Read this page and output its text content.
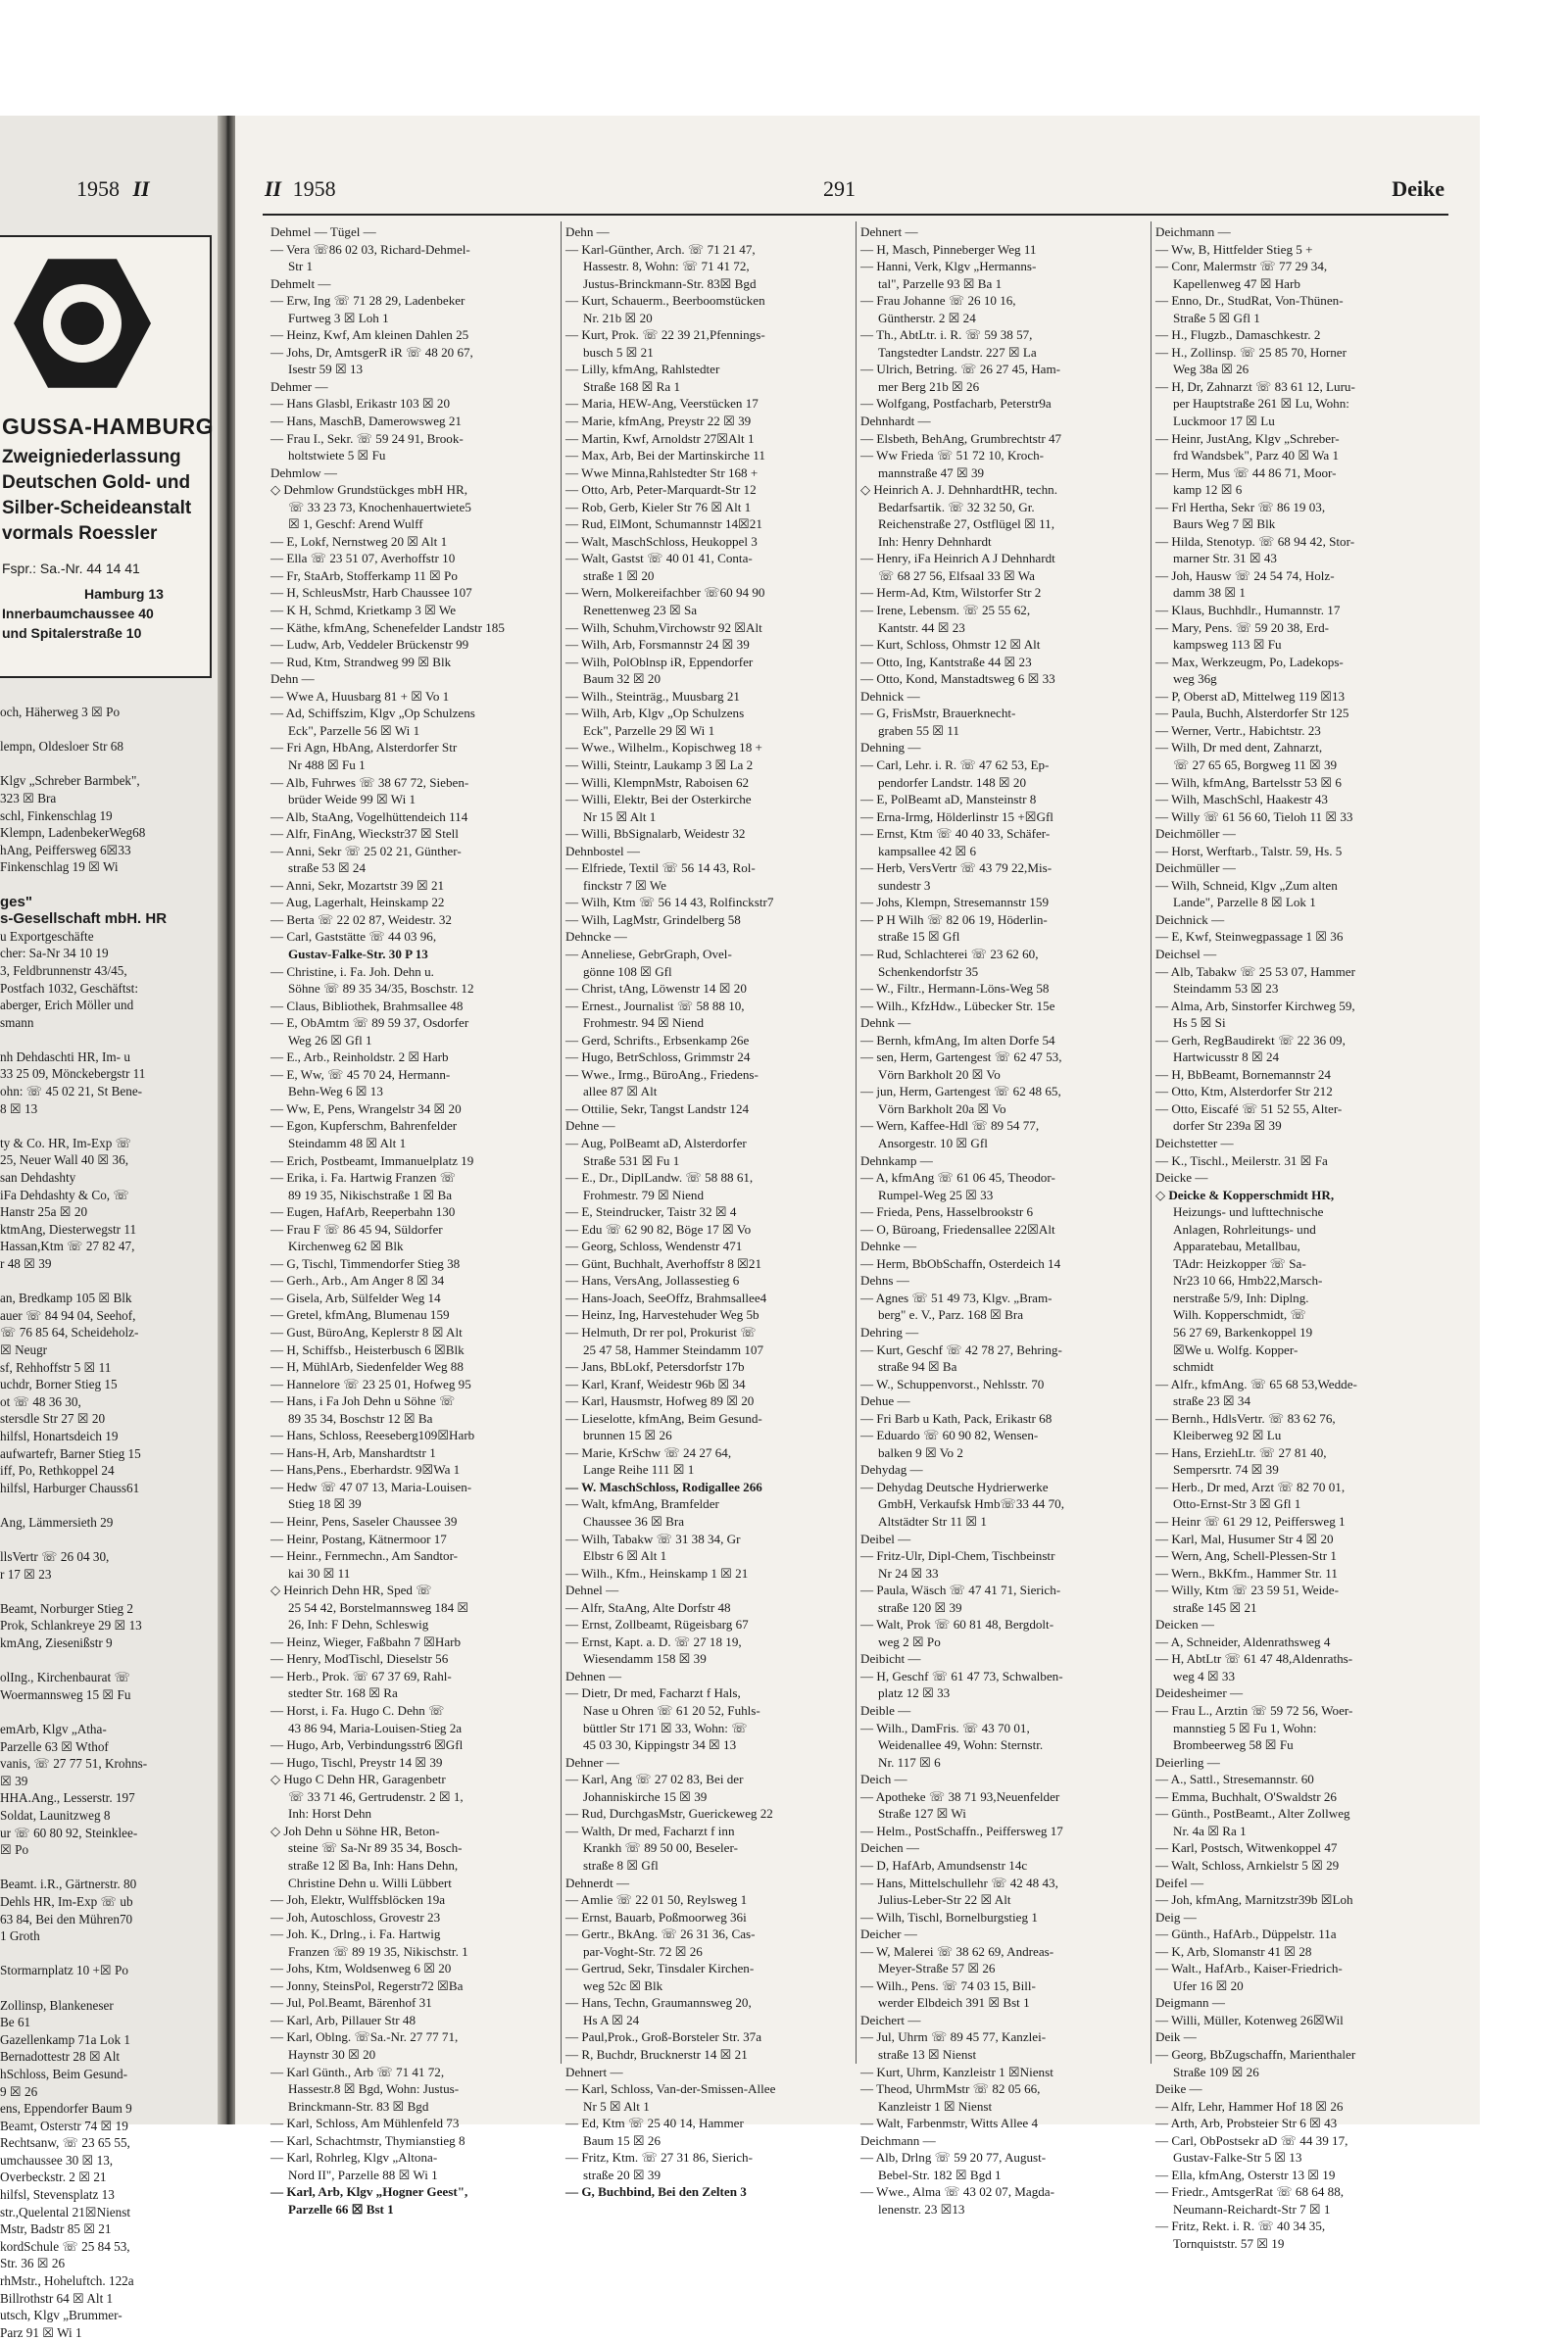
1958 II
GUSSA-HAMBURG
Zweigniederlassung
Deutschen Gold- und
Silber-Scheideanstalt
vormals Roessler
Fspr.: Sa.-Nr. 44 14 41
Hamburg 13
Innerbaumchaussee 40
und Spitalerstraße 10
och, Häherweg 3 ☒ Po

lempn, Oldesloer Str 68

Klgv „Schreber Barmbek",
323 ☒ Bra
schl, Finkenschlag 19
Klempn, LadenbekerWeg68
hAng, Peiffersweg 6☒33
Finkenschlag 19 ☒ Wi

ges"
s-Gesellschaft mbH. HR
u Exportgeschäfte
cher: Sa-Nr 34 10 19
3, Feldbrunnenstr 43/45,
Postfach 1032, Geschäftst:
aberger, Erich Möller und
smann

nh Dehdaschti HR, Im- u
33 25 09, Mönckebergstr 11
ohn: ☏ 45 02 21, St Bene-
8 ☒ 13

ty & Co. HR, Im-Exp ☏
25, Neuer Wall 40 ☒ 36,
san Dehdashty
iFa Dehdashty & Co, ☏
Hanstr 25a ☒ 20
ktmAng, Diesterwegstr 11
Hassan,Ktm ☏ 27 82 47,
r 48 ☒ 39

an, Bredkamp 105 ☒ Blk
auer ☏ 84 94 04, Seehof,
☏ 76 85 64, Scheideholz-
☒ Neugr
sf, Rehhoffstr 5 ☒ 11
uchdr, Borner Stieg 15
ot ☏ 48 36 30,
stersdle Str 27 ☒ 20
hilfsl, Honartsdeich 19
aufwartefr, Barner Stieg 15
iff, Po, Rethkoppel 24
hilfsl, Harburger Chauss61

Ang, Lämmersieth 29

llsVertr ☏ 26 04 30,
r 17 ☒ 23

Beamt, Norburger Stieg 2
Prok, Schlankreye 29 ☒ 13
kmAng, Ziesenißstr 9

olIng., Kirchenbaurat ☏
Woermannsweg 15 ☒ Fu

emArb, Klgv „Atha-
Parzelle 63 ☒ Wthof
vanis, ☏ 27 77 51, Krohns-
☒ 39
HHA.Ang., Lesserstr. 197
Soldat, Launitzweg 8
ur ☏ 60 80 92, Steinklee-
☒ Po

Beamt. i.R., Gärtnerstr. 80
Dehls HR, Im-Exp ☏ ub
63 84, Bei den Mühren70
1 Groth

Stormarnplatz 10 +☒ Po

Zollinsp, Blankeneser
Be 61
Gazellenkamp 71a Lok 1
Bernadottestr 28 ☒ Alt
hSchloss, Beim Gesund-
9 ☒ 26
ens, Eppendorfer Baum 9
Beamt, Osterstr 74 ☒ 19
Rechtsanw, ☏ 23 65 55,
umchaussee 30 ☒ 13,
Overbeckstr. 2 ☒ 21
hilfsl, Stevensplatz 13
str.,Quelental 21☒Nienst
Mstr, Badstr 85 ☒ 21
kordSchule ☏ 25 84 53,
Str. 36 ☒ 26
rhMstr., Hoheluftch. 122a
Billrothstr 64 ☒ Alt 1
utsch, Klgv „Brummer-
Parz 91 ☒ Wi 1
II 1958	291	Deike
Dehmel — Tügel —
— Vera ☏86 02 03, Richard-Dehmel-
Str 1
Dehmelt —
— Erw, Ing ☏ 71 28 29, Ladenbeker
Furtweg 3 ☒ Loh 1
— Heinz, Kwf, Am kleinen Dahlen 25
— Johs, Dr, AmtsgerR iR ☏ 48 20 67,
Isestr 59 ☒ 13
Dehmer —
— Hans Glasbl, Erikastr 103 ☒ 20
— Hans, MaschB, Damerowsweg 21
— Frau I., Sekr. ☏ 59 24 91, Brook-
holtstwiete 5 ☒ Fu
Dehmlow —
◇ Dehmlow Grundstückges mbH HR,
☏ 33 23 73, Knochenhauertwiete5
☒ 1, Geschf: Arend Wulff
— E, Lokf, Nernstweg 20 ☒ Alt 1
— Ella ☏ 23 51 07, Averhoffstr 10
— Fr, StaArb, Stofferkamp 11 ☒ Po
— H, SchleusMstr, Harb Chaussee 107
— K H, Schmd, Krietkamp 3 ☒ We
— Käthe, kfmAng, Schenefelder Landstr 185
— Ludw, Arb, Veddeler Brückenstr 99
— Rud, Ktm, Strandweg 99 ☒ Blk
Dehn —
— Wwe A, Huusbarg 81 + ☒ Vo 1
— Ad, Schiffszim, Klgv „Op Schulzens
Eck", Parzelle 56 ☒ Wi 1
— Fri Agn, HbAng, Alsterdorfer Str
Nr 488 ☒ Fu 1
— Alb, Fuhrwes ☏ 38 67 72, Sieben-
brüder Weide 99 ☒ Wi 1
— Alb, StaAng, Vogelhüttendeich 114
— Alfr, FinAng, Wieckstr37 ☒ Stell
— Anni, Sekr ☏ 25 02 21, Günther-
straße 53 ☒ 24
— Anni, Sekr, Mozartstr 39 ☒ 21
— Aug, Lagerhalt, Heinskamp 22
— Berta ☏ 22 02 87, Weidestr. 32
— Carl, Gaststätte ☏ 44 03 96,
Gustav-Falke-Str. 30 P 13
— Christine, i. Fa. Joh. Dehn u.
Söhne ☏ 89 35 34/35, Boschstr. 12
— Claus, Bibliothek, Brahmsallee 48
— E, ObAmtm ☏ 89 59 37, Osdorfer
Weg 26 ☒ Gfl 1
— E., Arb., Reinholdstr. 2 ☒ Harb
— E, Ww, ☏ 45 70 24, Hermann-
Behn-Weg 6 ☒ 13
— Ww, E, Pens, Wrangelstr 34 ☒ 20
— Egon, Kupferschm, Bahrenfelder
Steindamm 48 ☒ Alt 1
— Erich, Postbeamt, Immanuelplatz 19
— Erika, i. Fa. Hartwig Franzen ☏
89 19 35, Nikischstraße 1 ☒ Ba
— Eugen, HafArb, Reeperbahn 130
— Frau F ☏ 86 45 94, Süldorfer
Kirchenweg 62 ☒ Blk
— G, Tischl, Timmendorfer Stieg 38
— Gerh., Arb., Am Anger 8 ☒ 34
— Gisela, Arb, Sülfelder Weg 14
— Gretel, kfmAng, Blumenau 159
— Gust, BüroAng, Keplerstr 8 ☒ Alt
— H, Schiffsb., Heisterbusch 6 ☒Blk
— H, MühlArb, Siedenfelder Weg 88
— Hannelore ☏ 23 25 01, Hofweg 95
— Hans, i Fa Joh Dehn u Söhne ☏
89 35 34, Boschstr 12 ☒ Ba
— Hans, Schloss, Reeseberg109☒Harb
— Hans-H, Arb, Manshardtstr 1
— Hans,Pens., Eberhardstr. 9☒Wa 1
— Hedw ☏ 47 07 13, Maria-Louisen-
Stieg 18 ☒ 39
— Heinr, Pens, Saseler Chaussee 39
— Heinr, Postang, Kätnermoor 17
— Heinr., Fernmechn., Am Sandtor-
kai 30 ☒ 11
◇ Heinrich Dehn HR, Sped ☏
25 54 42, Borstelmannsweg 184 ☒
26, Inh: F Dehn, Schleswig
— Heinz, Wieger, Faßbahn 7 ☒Harb
— Henry, ModTischl, Dieselstr 56
— Herb., Prok. ☏ 67 37 69, Rahl-
stedter Str. 168 ☒ Ra
— Horst, i. Fa. Hugo C. Dehn ☏
43 86 94, Maria-Louisen-Stieg 2a
— Hugo, Arb, Verbindungsstr6 ☒Gfl
— Hugo, Tischl, Preystr 14 ☒ 39
◇ Hugo C Dehn HR, Garagenbetr
☏ 33 71 46, Gertrudenstr. 2 ☒ 1,
Inh: Horst Dehn
◇ Joh Dehn u Söhne HR, Beton-
steine ☏ Sa-Nr 89 35 34, Bosch-
straße 12 ☒ Ba, Inh: Hans Dehn,
Christine Dehn u. Willi Lübbert
— Joh, Elektr, Wulffsblöcken 19a
— Joh, Autoschloss, Grovestr 23
— Joh. K., Drlng., i. Fa. Hartwig
Franzen ☏ 89 19 35, Nikischstr. 1
— Johs, Ktm, Woldsenweg 6 ☒ 20
— Jonny, SteinsPol, Regerstr72 ☒Ba
— Jul, Pol.Beamt, Bärenhof 31
— Karl, Arb, Pillauer Str 48
— Karl, Oblng. ☏Sa.-Nr. 27 77 71,
Haynstr 30 ☒ 20
— Karl Günth., Arb ☏ 71 41 72,
Hassestr.8 ☒ Bgd, Wohn: Justus-
Brinckmann-Str. 83 ☒ Bgd
— Karl, Schloss, Am Mühlenfeld 73
— Karl, Schachtmstr, Thymianstieg 8
— Karl, Rohrleg, Klgv „Altona-
Nord II", Parzelle 88 ☒ Wi 1
— Karl, Arb, Klgv „Hogner Geest",
Parzelle 66 ☒ Bst 1
Dehn —
— Karl-Günther, Arch. ☏ 71 21 47,
Hassestr. 8, Wohn: ☏ 71 41 72,
Justus-Brinckmann-Str. 83☒ Bgd
— Kurt, Schauerm., Beerboomstücken
Nr. 21b ☒ 20
— Kurt, Prok. ☏ 22 39 21,Pfennings-
busch 5 ☒ 21
— Lilly, kfmAng, Rahlstedter
Straße 168 ☒ Ra 1
— Maria, HEW-Ang, Veerstücken 17
— Marie, kfmAng, Preystr 22 ☒ 39
— Martin, Kwf, Arnoldstr 27☒Alt 1
— Max, Arb, Bei der Martinskirche 11
— Wwe Minna,Rahlstedter Str 168 +
— Otto, Arb, Peter-Marquardt-Str 12
— Rob, Gerb, Kieler Str 76 ☒ Alt 1
— Rud, ElMont, Schumannstr 14☒21
— Walt, MaschSchloss, Heukoppel 3
— Walt, Gastst ☏ 40 01 41, Conta-
straße 1 ☒ 20
— Wern, Molkereifachber ☏60 94 90
Renettenweg 23 ☒ Sa
— Wilh, Schuhm,Virchowstr 92 ☒Alt
— Wilh, Arb, Forsmannstr 24 ☒ 39
— Wilh, PolOblnsp iR, Eppendorfer
Baum 32 ☒ 20
— Wilh., Steinträg., Muusbarg 21
— Wilh, Arb, Klgv „Op Schulzens
Eck", Parzelle 29 ☒ Wi 1
— Wwe., Wilhelm., Kopischweg 18 +
— Willi, Steintr, Laukamp 3 ☒ La 2
— Willi, KlempnMstr, Raboisen 62
— Willi, Elektr, Bei der Osterkirche
Nr 15 ☒ Alt 1
— Willi, BbSignalarb, Weidestr 32
Dehnbostel —
— Elfriede, Textil ☏ 56 14 43, Rol-
finckstr 7 ☒ We
— Wilh, Ktm ☏ 56 14 43, Rolfinckstr7
— Wilh, LagMstr, Grindelberg 58
Dehncke —
— Anneliese, GebrGraph, Ovel-
gönne 108 ☒ Gfl
— Christ, tAng, Löwenstr 14 ☒ 20
— Ernest., Journalist ☏ 58 88 10,
Frohmestr. 94 ☒ Niend
— Gerd, Schrifts., Erbsenkamp 26e
— Hugo, BetrSchloss, Grimmstr 24
— Wwe., Irmg., BüroAng., Friedens-
allee 87 ☒ Alt
— Ottilie, Sekr, Tangst Landstr 124
Dehne —
— Aug, PolBeamt aD, Alsterdorfer
Straße 531 ☒ Fu 1
— E., Dr., DiplLandw. ☏ 58 88 61,
Frohmestr. 79 ☒ Niend
— E, Steindrucker, Taistr 32 ☒ 4
— Edu ☏ 62 90 82, Böge 17 ☒ Vo
— Georg, Schloss, Wendenstr 471
— Günt, Buchhalt, Averhoffstr 8 ☒21
— Hans, VersAng, Jollassestieg 6
— Hans-Joach, SeeOffz, Brahmsallee4
— Heinz, Ing, Harvestehuder Weg 5b
— Helmuth, Dr rer pol, Prokurist ☏
25 47 58, Hammer Steindamm 107
— Jans, BbLokf, Petersdorfstr 17b
— Karl, Kranf, Weidestr 96b ☒ 34
— Karl, Hausmstr, Hofweg 89 ☒ 20
— Lieselotte, kfmAng, Beim Gesund-
brunnen 15 ☒ 26
— Marie, KrSchw ☏ 24 27 64,
Lange Reihe 111 ☒ 1
— W. MaschSchloss, Rodigallee 266
— Walt, kfmAng, Bramfelder
Chaussee 36 ☒ Bra
— Wilh, Tabakw ☏ 31 38 34, Gr
Elbstr 6 ☒ Alt 1
— Wilh., Kfm., Heinskamp 1 ☒ 21
Dehnel —
— Alfr, StaAng, Alte Dorfstr 48
— Ernst, Zollbeamt, Rügeisbarg 67
— Ernst, Kapt. a. D. ☏ 27 18 19,
Wiesendamm 158 ☒ 39
Dehnen —
— Dietr, Dr med, Facharzt f Hals,
Nase u Ohren ☏ 61 20 52, Fuhls-
büttler Str 171 ☒ 33, Wohn: ☏
45 03 30, Kippingstr 34 ☒ 13
Dehner —
— Karl, Ang ☏ 27 02 83, Bei der
Johanniskirche 15 ☒ 39
— Rud, DurchgasMstr, Guerickeweg 22
— Walth, Dr med, Facharzt f inn
Krankh ☏ 89 50 00, Beseler-
straße 8 ☒ Gfl
Dehnerdt —
— Amlie ☏ 22 01 50, Reylsweg 1
— Ernst, Bauarb, Poßmoorweg 36i
— Gertr., BkAng. ☏ 26 31 36, Cas-
par-Voght-Str. 72 ☒ 26
— Gertrud, Sekr, Tinsdaler Kirchen-
weg 52c ☒ Blk
— Hans, Techn, Graumannsweg 20,
Hs A ☒ 24
— Paul,Prok., Groß-Borsteler Str. 37a
— R, Buchdr, Brucknerstr 14 ☒ 21
Dehnert —
— Karl, Schloss, Van-der-Smissen-Allee
Nr 5 ☒ Alt 1
— Ed, Ktm ☏ 25 40 14, Hammer
Baum 15 ☒ 26
— Fritz, Ktm. ☏ 27 31 86, Sierich-
straße 20 ☒ 39
— G, Buchbind, Bei den Zelten 3
Dehnert —
— H, Masch, Pinneberger Weg 11
— Hanni, Verk, Klgv „Hermanns-
tal", Parzelle 93 ☒ Ba 1
— Frau Johanne ☏ 26 10 16,
Güntherstr. 2 ☒ 24
— Th., AbtLtr. i. R. ☏ 59 38 57,
Tangstedter Landstr. 227 ☒ La
— Ulrich, Betring. ☏ 26 27 45, Ham-
mer Berg 21b ☒ 26
— Wolfgang, Postfacharb, Peterstr9a
Dehnhardt —
— Elsbeth, BehAng, Grumbrechtstr 47
— Ww Frieda ☏ 51 72 10, Kroch-
mannstraße 47 ☒ 39
◇ Heinrich A. J. DehnhardtHR, techn.
Bedarfsartik. ☏ 32 32 50, Gr.
Reichenstraße 27, Ostflügel ☒ 11,
Inh: Henry Dehnhardt
— Henry, iFa Heinrich A J Dehnhardt
☏ 68 27 56, Elfsaal 33 ☒ Wa
— Herm-Ad, Ktm, Wilstorfer Str 2
— Irene, Lebensm. ☏ 25 55 62,
Kantstr. 44 ☒ 23
— Kurt, Schloss, Ohmstr 12 ☒ Alt
— Otto, Ing, Kantstraße 44 ☒ 23
— Otto, Kond, Manstadtsweg 6 ☒ 33
Dehnick —
— G, FrisMstr, Brauerknecht-
graben 55 ☒ 11
Dehning —
— Carl, Lehr. i. R. ☏ 47 62 53, Ep-
pendorfer Landstr. 148 ☒ 20
— E, PolBeamt aD, Mansteinstr 8
— Erna-Irmg, Hölderlinstr 15 +☒Gfl
— Ernst, Ktm ☏ 40 40 33, Schäfer-
kampsallee 42 ☒ 6
— Herb, VersVertr ☏ 43 79 22,Mis-
sundestr 3
— Johs, Klempn, Stresemannstr 159
— P H Wilh ☏ 82 06 19, Höderlin-
straße 15 ☒ Gfl
— Rud, Schlachterei ☏ 23 62 60,
Schenkendorfstr 35
— W., Filtr., Hermann-Löns-Weg 58
— Wilh., KfzHdw., Lübecker Str. 15e
Dehnk —
— Bernh, kfmAng, Im alten Dorfe 54
— sen, Herm, Gartengest ☏ 62 47 53,
Vörn Barkholt 20 ☒ Vo
— jun, Herm, Gartengest ☏ 62 48 65,
Vörn Barkholt 20a ☒ Vo
— Wern, Kaffee-Hdl ☏ 89 54 77,
Ansorgestr. 10 ☒ Gfl
Dehnkamp —
— A, kfmAng ☏ 61 06 45, Theodor-
Rumpel-Weg 25 ☒ 33
— Frieda, Pens, Hasselbrookstr 6
— O, Büroang, Friedensallee 22☒Alt
Dehnke —
— Herm, BbObSchaffn, Osterdeich 14
Dehns —
— Agnes ☏ 51 49 73, Klgv. „Bram-
berg" e. V., Parz. 168 ☒ Bra
Dehring —
— Kurt, Geschf ☏ 42 78 27, Behring-
straße 94 ☒ Ba
— W., Schuppenvorst., Nehlsstr. 70
Dehue —
— Fri Barb u Kath, Pack, Erikastr 68
— Eduardo ☏ 60 90 82, Wensen-
balken 9 ☒ Vo 2
Dehydag —
— Dehydag Deutsche Hydrierwerke
GmbH, Verkaufsk Hmb☏33 44 70,
Altstädter Str 11 ☒ 1
Deibel —
— Fritz-Ulr, Dipl-Chem, Tischbeinstr
Nr 24 ☒ 33
— Paula, Wäsch ☏ 47 41 71, Sierich-
straße 120 ☒ 39
— Walt, Prok ☏ 60 81 48, Bergdolt-
weg 2 ☒ Po
Deibicht —
— H, Geschf ☏ 61 47 73, Schwalben-
platz 12 ☒ 33
Deible —
— Wilh., DamFris. ☏ 43 70 01,
Weidenallee 49, Wohn: Sternstr.
Nr. 117 ☒ 6
Deich —
— Apotheke ☏ 38 71 93,Neuenfelder
Straße 127 ☒ Wi
— Helm., PostSchaffn., Peiffersweg 17
Deichen —
— D, HafArb, Amundsenstr 14c
— Hans, Mittelschullehr ☏ 42 48 43,
Julius-Leber-Str 22 ☒ Alt
— Wilh, Tischl, Bornelburgstieg 1
Deicher —
— W, Malerei ☏ 38 62 69, Andreas-
Meyer-Straße 57 ☒ 26
— Wilh., Pens. ☏ 74 03 15, Bill-
werder Elbdeich 391 ☒ Bst 1
Deichert —
— Jul, Uhrm ☏ 89 45 77, Kanzlei-
straße 13 ☒ Nienst
— Kurt, Uhrm, Kanzleistr 1 ☒Nienst
— Theod, UhrmMstr ☏ 82 05 66,
Kanzleistr 1 ☒ Nienst
— Walt, Farbenmstr, Witts Allee 4
Deichmann —
— Alb, Drlng ☏ 59 20 77, August-
Bebel-Str. 182 ☒ Bgd 1
— Wwe., Alma ☏ 43 02 07, Magda-
lenenstr. 23 ☒13
Deichmann —
— Ww, B, Hittfelder Stieg 5 +
— Conr, Malermstr ☏ 77 29 34,
Kapellenweg 47 ☒ Harb
— Enno, Dr., StudRat, Von-Thünen-
Straße 5 ☒ Gfl 1
— H., Flugzb., Damaschkestr. 2
— H., Zollinsp. ☏ 25 85 70, Horner
Weg 38a ☒ 26
— H, Dr, Zahnarzt ☏ 83 61 12, Luru-
per Hauptstraße 261 ☒ Lu, Wohn:
Luckmoor 17 ☒ Lu
— Heinr, JustAng, Klgv „Schreber-
frd Wandsbek", Parz 40 ☒ Wa 1
— Herm, Mus ☏ 44 86 71, Moor-
kamp 12 ☒ 6
— Frl Hertha, Sekr ☏ 86 19 03,
Baurs Weg 7 ☒ Blk
— Hilda, Stenotyp. ☏ 68 94 42, Stor-
marner Str. 31 ☒ 43
— Joh, Hausw ☏ 24 54 74, Holz-
damm 38 ☒ 1
— Klaus, Buchhdlr., Humannstr. 17
— Mary, Pens. ☏ 59 20 38, Erd-
kampsweg 113 ☒ Fu
— Max, Werkzeugm, Po, Ladekops-
weg 36g
— P, Oberst aD, Mittelweg 119 ☒13
— Paula, Buchh, Alsterdorfer Str 125
— Werner, Vertr., Habichtstr. 23
— Wilh, Dr med dent, Zahnarzt,
☏ 27 65 65, Borgweg 11 ☒ 39
— Wilh, kfmAng, Bartelsstr 53 ☒ 6
— Wilh, MaschSchl, Haakestr 43
— Willy ☏ 61 56 60, Tieloh 11 ☒ 33
Deichmöller —
— Horst, Werftarb., Talstr. 59, Hs. 5
Deichmüller —
— Wilh, Schneid, Klgv „Zum alten
Lande", Parzelle 8 ☒ Lok 1
Deichnick —
— E, Kwf, Steinwegpassage 1 ☒ 36
Deichsel —
— Alb, Tabakw ☏ 25 53 07, Hammer
Steindamm 53 ☒ 23
— Alma, Arb, Sinstorfer Kirchweg 59,
Hs 5 ☒ Si
— Gerh, RegBaudirekt ☏ 22 36 09,
Hartwicusstr 8 ☒ 24
— H, BbBeamt, Bornemannstr 24
— Otto, Ktm, Alsterdorfer Str 212
— Otto, Eiscafé ☏ 51 52 55, Alter-
dorfer Str 239a ☒ 39
Deichstetter —
— K., Tischl., Meilerstr. 31 ☒ Fa
Deicke —
◇ Deicke & Kopperschmidt HR,
Heizungs- und lufttechnische
Anlagen, Rohrleitungs- und
Apparatebau, Metallbau,
TAdr: Heizkopper ☏ Sa-
Nr23 10 66, Hmb22,Marsch-
nerstraße 5/9, Inh: Diplng.
Wilh. Kopperschmidt, ☏
56 27 69, Barkenkoppel 19
☒We u. Wolfg. Kopper-
schmidt
— Alfr., kfmAng. ☏ 65 68 53,Wedde-
straße 23 ☒ 34
— Bernh., HdlsVertr. ☏ 83 62 76,
Kleiberweg 92 ☒ Lu
— Hans, ErziehLtr. ☏ 27 81 40,
Sempersrtr. 74 ☒ 39
— Herb., Dr med, Arzt ☏ 82 70 01,
Otto-Ernst-Str 3 ☒ Gfl 1
— Heinr ☏ 61 29 12, Peiffersweg 1
— Karl, Mal, Husumer Str 4 ☒ 20
— Wern, Ang, Schell-Plessen-Str 1
— Wern., BkKfm., Hammer Str. 11
— Willy, Ktm ☏ 23 59 51, Weide-
straße 145 ☒ 21
Deicken —
— A, Schneider, Aldenrathsweg 4
— H, AbtLtr ☏ 61 47 48,Aldenraths-
weg 4 ☒ 33
Deidesheimer —
— Frau L., Arztin ☏ 59 72 56, Woer-
mannstieg 5 ☒ Fu 1, Wohn:
Brombeerweg 58 ☒ Fu
Deierling —
— A., Sattl., Stresemannstr. 60
— Emma, Buchhalt, O'Swaldstr 26
— Günth., PostBeamt., Alter Zollweg
Nr. 4a ☒ Ra 1
— Karl, Postsch, Witwenkoppel 47
— Walt, Schloss, Arnkielstr 5 ☒ 29
Deifel —
— Joh, kfmAng, Marnitzstr39b ☒Loh
Deig —
— Günth., HafArb., Düppelstr. 11a
— K, Arb, Slomanstr 41 ☒ 28
— Walt., HafArb., Kaiser-Friedrich-
Ufer 16 ☒ 20
Deigmann —
— Willi, Müller, Kotenweg 26☒Wil
Deik —
— Georg, BbZugschaffn, Marienthaler
Straße 109 ☒ 26
Deike —
— Alfr, Lehr, Hammer Hof 18 ☒ 26
— Arth, Arb, Probsteier Str 6 ☒ 43
— Carl, ObPostsekr aD ☏ 44 39 17,
Gustav-Falke-Str 5 ☒ 13
— Ella, kfmAng, Osterstr 13 ☒ 19
— Friedr., AmtsgerRat ☏ 68 64 88,
Neumann-Reichardt-Str 7 ☒ 1
— Fritz, Rekt. i. R. ☏ 40 34 35,
Tornquiststr. 57 ☒ 19
